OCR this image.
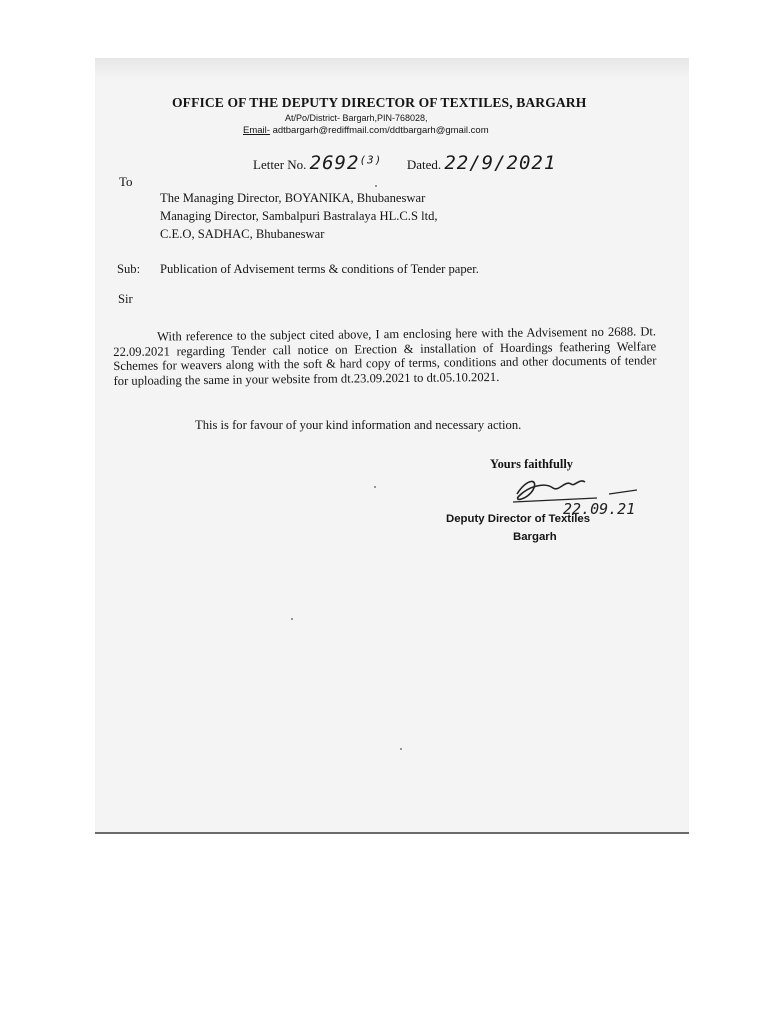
OFFICE OF THE DEPUTY DIRECTOR OF TEXTILES, BARGARH
At/Po/District- Bargarh,PIN-768028,
Email- adtbargarh@rediffmail.com/ddtbargarh@gmail.com
Letter No. 2692$^{(3)}$ Dated. 22/9/2021
To
The Managing Director, BOYANIKA, Bhubaneswar
Managing Director, Sambalpuri Bastralaya HL.C.S ltd,
C.E.O, SADHAC, Bhubaneswar
Sub: Publication of Advisement terms & conditions of Tender paper.
Sir
With reference to the subject cited above, I am enclosing here with the Advisement no 2688. Dt. 22.09.2021 regarding Tender call notice on Erection & installation of Hoardings feathering Welfare Schemes for weavers along with the soft & hard copy of terms, conditions and other documents of tender for uploading the same in your website from dt.23.09.2021 to dt.05.10.2021.
This is for favour of your kind information and necessary action.
Yours faithfully
22.09.21
Deputy Director of Textiles
Bargarh
